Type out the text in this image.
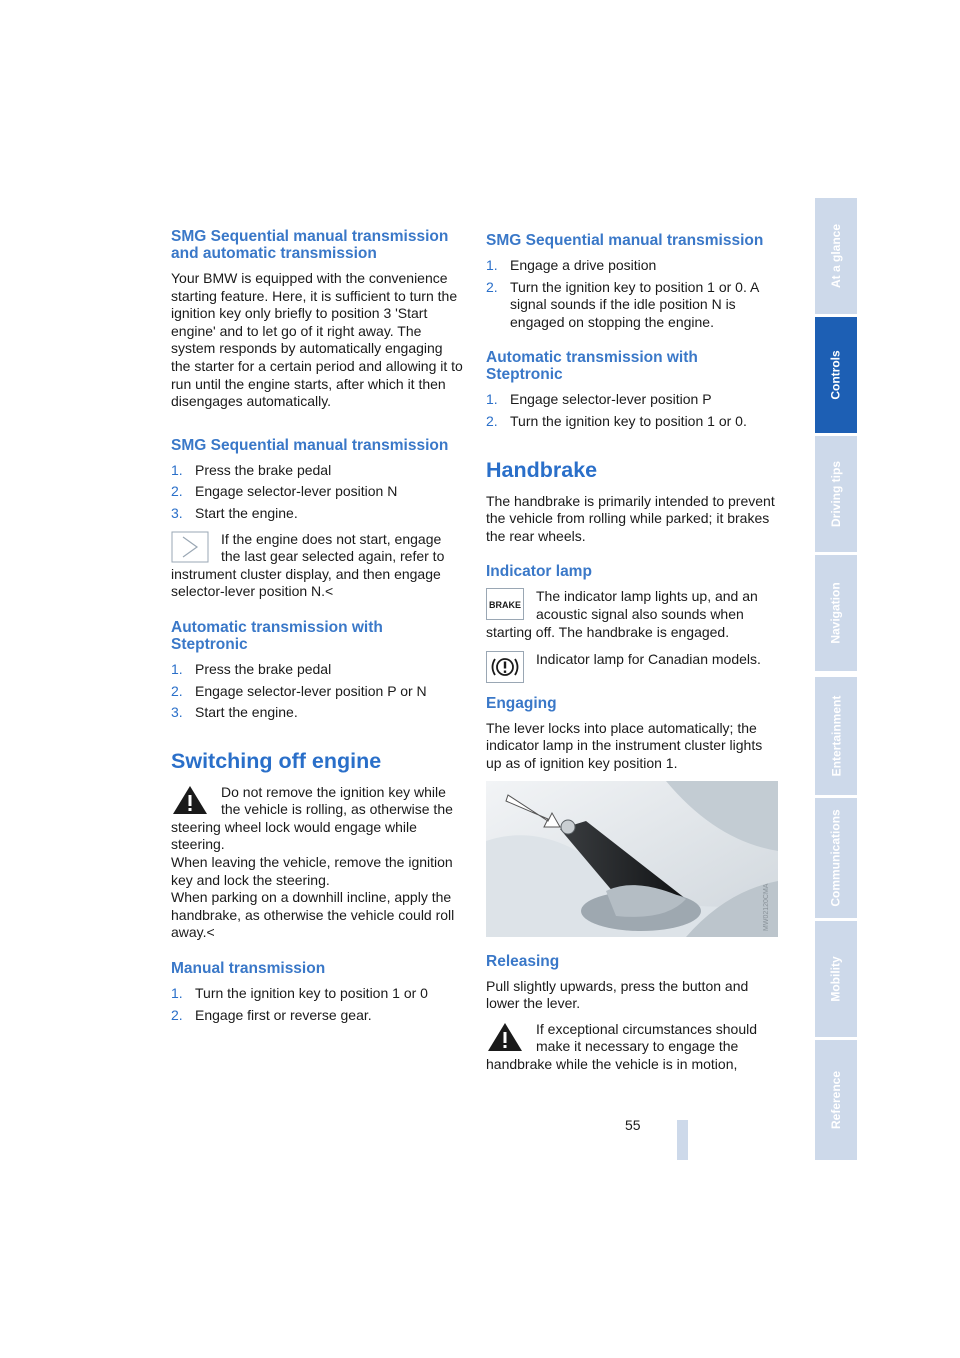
SMG Sequential manual transmission and automatic transmission

Your BMW is equipped with the convenience starting feature. Here, it is sufficient to turn the ignition key only briefly to position 3 'Start engine' and to let go of it right away. The system responds by automatically engaging the starter for a certain period and allowing it to run until the engine starts, after which it then disengages automatically.

SMG Sequential manual transmission
1. Press the brake pedal
2. Engage selector-lever position N
3. Start the engine.
If the engine does not start, engage the last gear selected again, refer to instrument cluster display, and then engage selector-lever position N.<
Automatic transmission with Steptronic
1. Press the brake pedal
2. Engage selector-lever position P or N
3. Start the engine.
Switching off engine
Do not remove the ignition key while the vehicle is rolling, as otherwise the steering wheel lock would engage while steering.
When leaving the vehicle, remove the ignition key and lock the steering.
When parking on a downhill incline, apply the handbrake, as otherwise the vehicle could roll away.<
Manual transmission
1. Turn the ignition key to position 1 or 0
2. Engage first or reverse gear.
SMG Sequential manual transmission
1. Engage a drive position
2. Turn the ignition key to position 1 or 0. A signal sounds if the idle position N is engaged on stopping the engine.
Automatic transmission with Steptronic
1. Engage selector-lever position P
2. Turn the ignition key to position 1 or 0.
Handbrake

The handbrake is primarily intended to prevent the vehicle from rolling while parked; it brakes the rear wheels.

Indicator lamp
BRAKE
The indicator lamp lights up, and an acoustic signal also sounds when starting off. The handbrake is engaged.
Indicator lamp for Canadian models.
Engaging

The lever locks into place automatically; the indicator lamp in the instrument cluster lights up as of ignition key position 1.

MW02120CMA
Releasing

Pull slightly upwards, press the button and lower the lever.

If exceptional circumstances should make it necessary to engage the handbrake while the vehicle is in motion,
55
At a glance
Controls
Driving tips
Navigation
Entertainment
Communications
Mobility
Reference
